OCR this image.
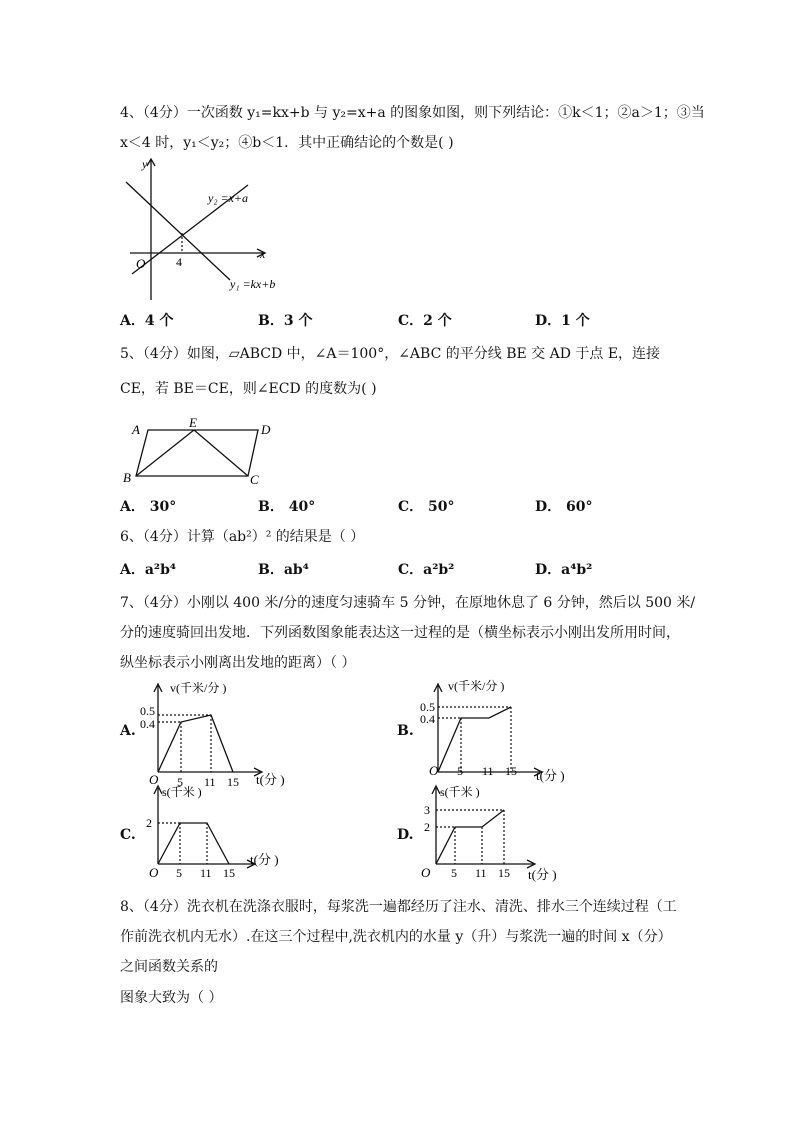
4、（4分）一次函数 y₁=kx+b 与 y₂=x+a 的图象如图，则下列结论：①k＜1；②a＞1；③当
x＜4 时，y₁＜y₂；④b＜1．其中正确结论的个数是( )
y
x
O	4
y₂ =x+a
y₁ =kx+b
A．4 个	B．3 个	C．2 个	D．1 个
5、（4分）如图，▱ABCD 中，∠A＝100°，∠ABC 的平分线 BE 交 AD 于点 E，连接
CE，若 BE＝CE，则∠ECD 的度数为( )
A	E	D
B	C
A． 30°	B． 40°	C． 50°	D． 60°
6、（4分）计算（ab²）² 的结果是（ ）
A．a²b⁴	B．ab⁴	C．a²b²	D．a⁴b²
7、（4分）小刚以 400 米/分的速度匀速骑车 5 分钟，在原地休息了 6 分钟，然后以 500 米/
分的速度骑回出发地．下列函数图象能表达这一过程的是（横坐标表示小刚出发所用时间，
纵坐标表示小刚离出发地的距离）（ ）
A.
v(千米/分 )
0.5
0.4
5 11 15 t(分 )
O
B.
v(千米/分 )
0.5
0.4
5 11 15 t(分 )
O
C.
s(千米 )
2
5 11 15
t(分 )
O
D.
s(千米 )
3
2
5 11 15 t(分 )
O
8、（4分）洗衣机在洗涤衣服时，每浆洗一遍都经历了注水、清洗、排水三个连续过程（工
作前洗衣机内无水）.在这三个过程中,洗衣机内的水量 y（升）与浆洗一遍的时间 x（分）
之间函数关系的
图象大致为（ ）
